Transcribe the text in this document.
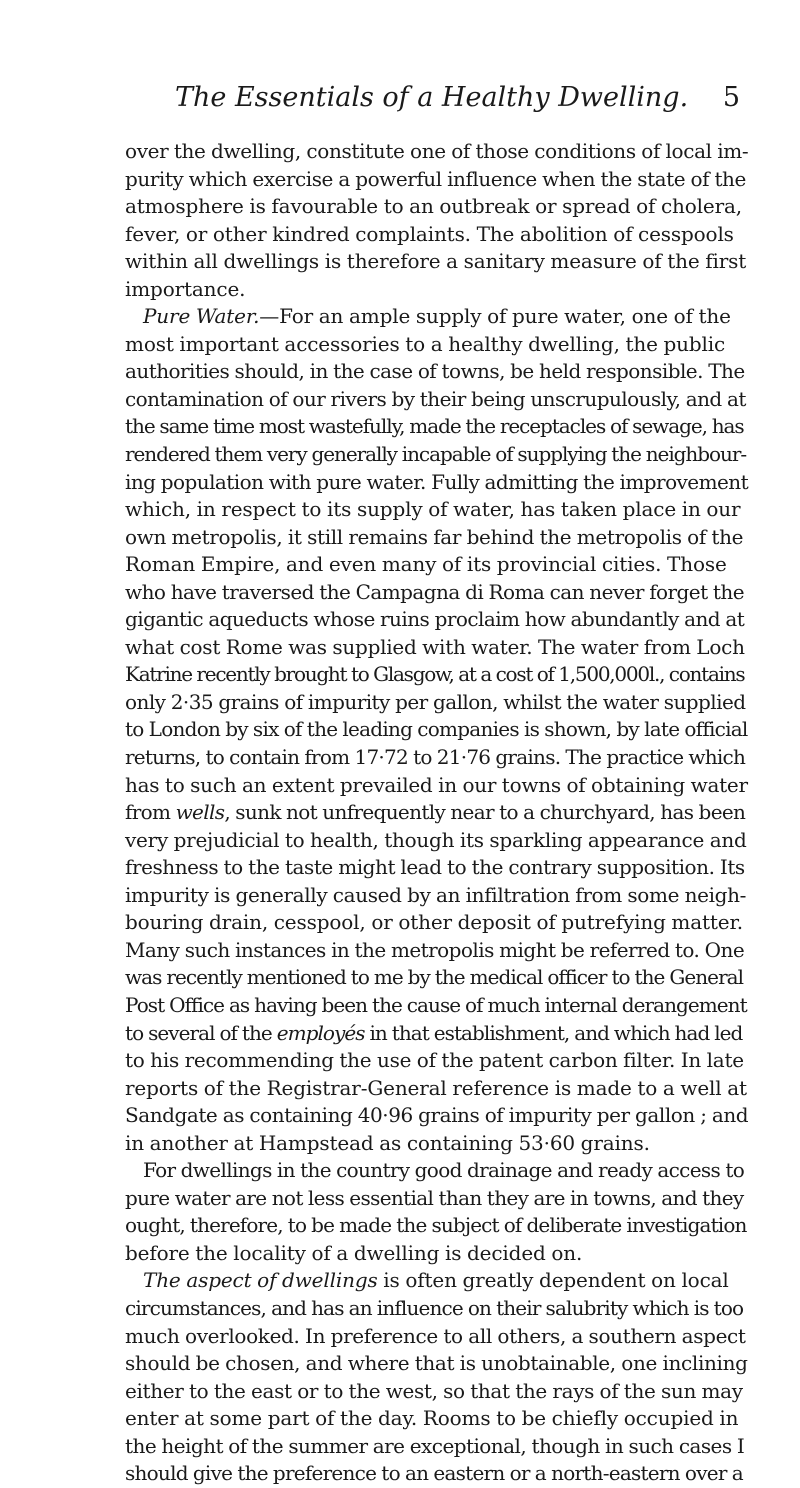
The Essentials of a Healthy Dwelling. 5
over the dwelling, constitute one of those conditions of local im-
purity which exercise a powerful influence when the state of the
atmosphere is favourable to an outbreak or spread of cholera,
fever, or other kindred complaints. The abolition of cesspools
within all dwellings is therefore a sanitary measure of the first
importance.
Pure Water.—For an ample supply of pure water, one of the
most important accessories to a healthy dwelling, the public
authorities should, in the case of towns, be held responsible. The
contamination of our rivers by their being unscrupulously, and at
the same time most wastefully, made the receptacles of sewage, has
rendered them very generally incapable of supplying the neighbour-
ing population with pure water. Fully admitting the improvement
which, in respect to its supply of water, has taken place in our
own metropolis, it still remains far behind the metropolis of the
Roman Empire, and even many of its provincial cities. Those
who have traversed the Campagna di Roma can never forget the
gigantic aqueducts whose ruins proclaim how abundantly and at
what cost Rome was supplied with water. The water from Loch
Katrine recently brought to Glasgow, at a cost of 1,500,000l., contains
only 2·35 grains of impurity per gallon, whilst the water supplied
to London by six of the leading companies is shown, by late official
returns, to contain from 17·72 to 21·76 grains. The practice which
has to such an extent prevailed in our towns of obtaining water
from wells, sunk not unfrequently near to a churchyard, has been
very prejudicial to health, though its sparkling appearance and
freshness to the taste might lead to the contrary supposition. Its
impurity is generally caused by an infiltration from some neigh-
bouring drain, cesspool, or other deposit of putrefying matter.
Many such instances in the metropolis might be referred to. One
was recently mentioned to me by the medical officer to the General
Post Office as having been the cause of much internal derangement
to several of the employés in that establishment, and which had led
to his recommending the use of the patent carbon filter. In late
reports of the Registrar-General reference is made to a well at
Sandgate as containing 40·96 grains of impurity per gallon ; and
in another at Hampstead as containing 53·60 grains.
For dwellings in the country good drainage and ready access to
pure water are not less essential than they are in towns, and they
ought, therefore, to be made the subject of deliberate investigation
before the locality of a dwelling is decided on.
The aspect of dwellings is often greatly dependent on local
circumstances, and has an influence on their salubrity which is too
much overlooked. In preference to all others, a southern aspect
should be chosen, and where that is unobtainable, one inclining
either to the east or to the west, so that the rays of the sun may
enter at some part of the day. Rooms to be chiefly occupied in
the height of the summer are exceptional, though in such cases I
should give the preference to an eastern or a north-eastern over a
